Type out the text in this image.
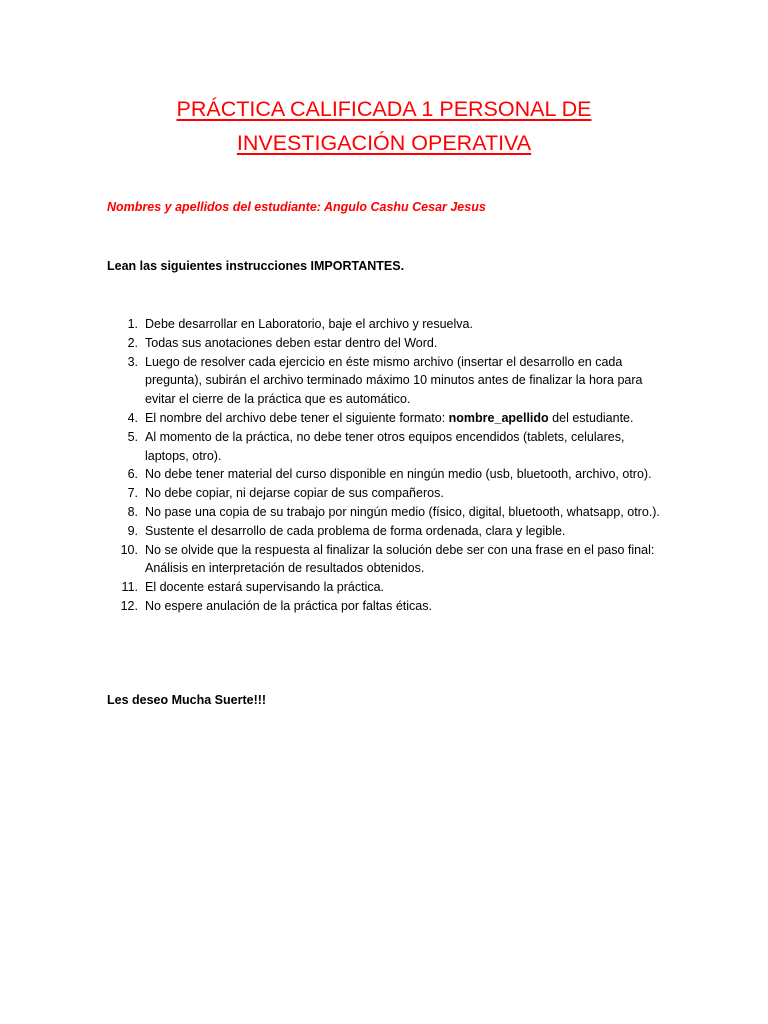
PRÁCTICA CALIFICADA 1 PERSONAL DE
INVESTIGACIÓN OPERATIVA
Nombres y apellidos del estudiante: Angulo Cashu Cesar Jesus
Lean las siguientes instrucciones IMPORTANTES.
1. Debe desarrollar en Laboratorio, baje el archivo y resuelva.
2. Todas sus anotaciones deben estar dentro del Word.
3. Luego de resolver cada ejercicio en éste mismo archivo (insertar el desarrollo en cada pregunta), subirán el archivo terminado máximo 10 minutos antes de finalizar la hora para evitar el cierre de la práctica que es automático.
4. El nombre del archivo debe tener el siguiente formato: nombre_apellido del estudiante.
5. Al momento de la práctica, no debe tener otros equipos encendidos (tablets, celulares, laptops, otro).
6. No debe tener material del curso disponible en ningún medio (usb, bluetooth, archivo, otro).
7. No debe copiar, ni dejarse copiar de sus compañeros.
8. No pase una copia de su trabajo por ningún medio (físico, digital, bluetooth, whatsapp, otro.).
9. Sustente el desarrollo de cada problema de forma ordenada, clara y legible.
10. No se olvide que la respuesta al finalizar la solución debe ser con una frase en el paso final: Análisis en interpretación de resultados obtenidos.
11. El docente estará supervisando la práctica.
12. No espere anulación de la práctica por faltas éticas.
Les deseo Mucha Suerte!!!
